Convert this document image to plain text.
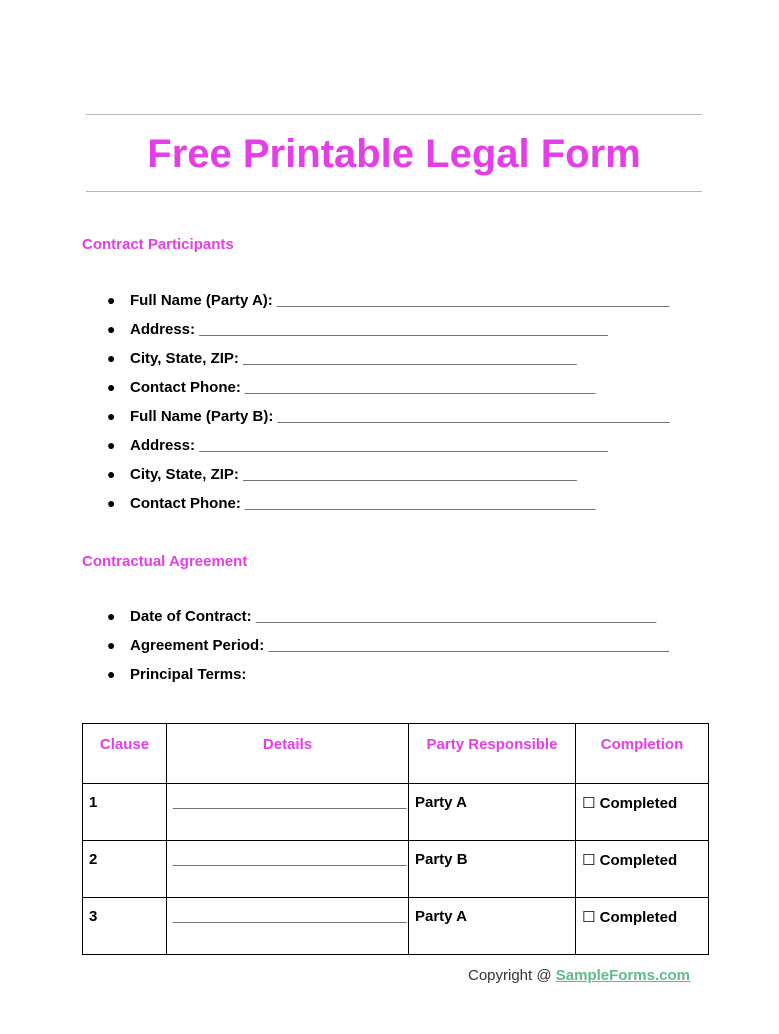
Free Printable Legal Form
Contract Participants
● Full Name (Party A): _______________________________________________
● Address: _________________________________________________
● City, State, ZIP: ________________________________________
● Contact Phone: __________________________________________
● Full Name (Party B): _______________________________________________
● Address: _________________________________________________
● City, State, ZIP: ________________________________________
● Contact Phone: __________________________________________
Contractual Agreement
● Date of Contract: ________________________________________________
● Agreement Period: ________________________________________________
● Principal Terms:
Clause	Details	Party Responsible	Completion
1	____________________________	Party A	☐ Completed
2	____________________________	Party B	☐ Completed
3	____________________________	Party A	☐ Completed
Copyright @ SampleForms.com
